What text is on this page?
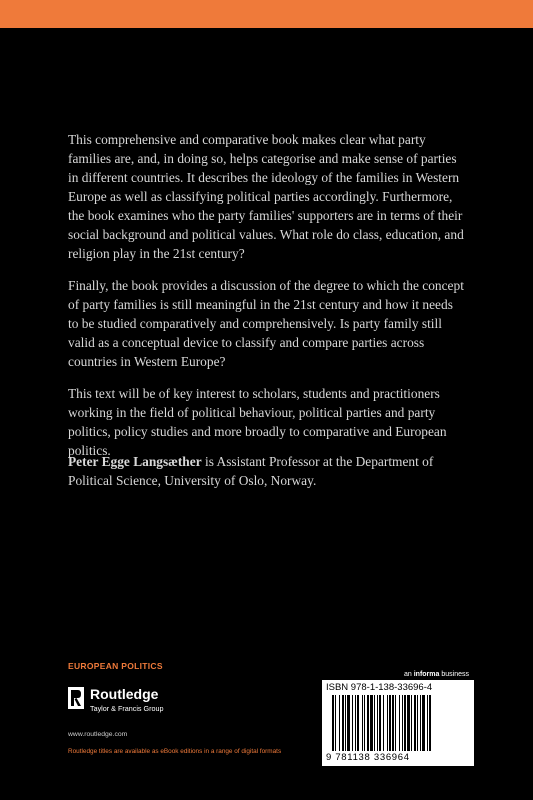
This comprehensive and comparative book makes clear what party families are, and, in doing so, helps categorise and make sense of parties in different countries. It describes the ideology of the families in Western Europe as well as classifying political parties accordingly. Furthermore, the book examines who the party families' supporters are in terms of their social background and political values. What role do class, education, and religion play in the 21st century?

Finally, the book provides a discussion of the degree to which the concept of party families is still meaningful in the 21st century and how it needs to be studied comparatively and comprehensively. Is party family still valid as a conceptual device to classify and compare parties across countries in Western Europe?

This text will be of key interest to scholars, students and practitioners working in the field of political behaviour, political parties and party politics, policy studies and more broadly to comparative and European politics.

Peter Egge Langsæther is Assistant Professor at the Department of Political Science, University of Oslo, Norway.
EUROPEAN POLITICS
Routledge
Taylor & Francis Group
www.routledge.com
Routledge titles are available as eBook editions in a range of digital formats
an informa business
ISBN 978-1-138-33696-4
9 781138 336964
